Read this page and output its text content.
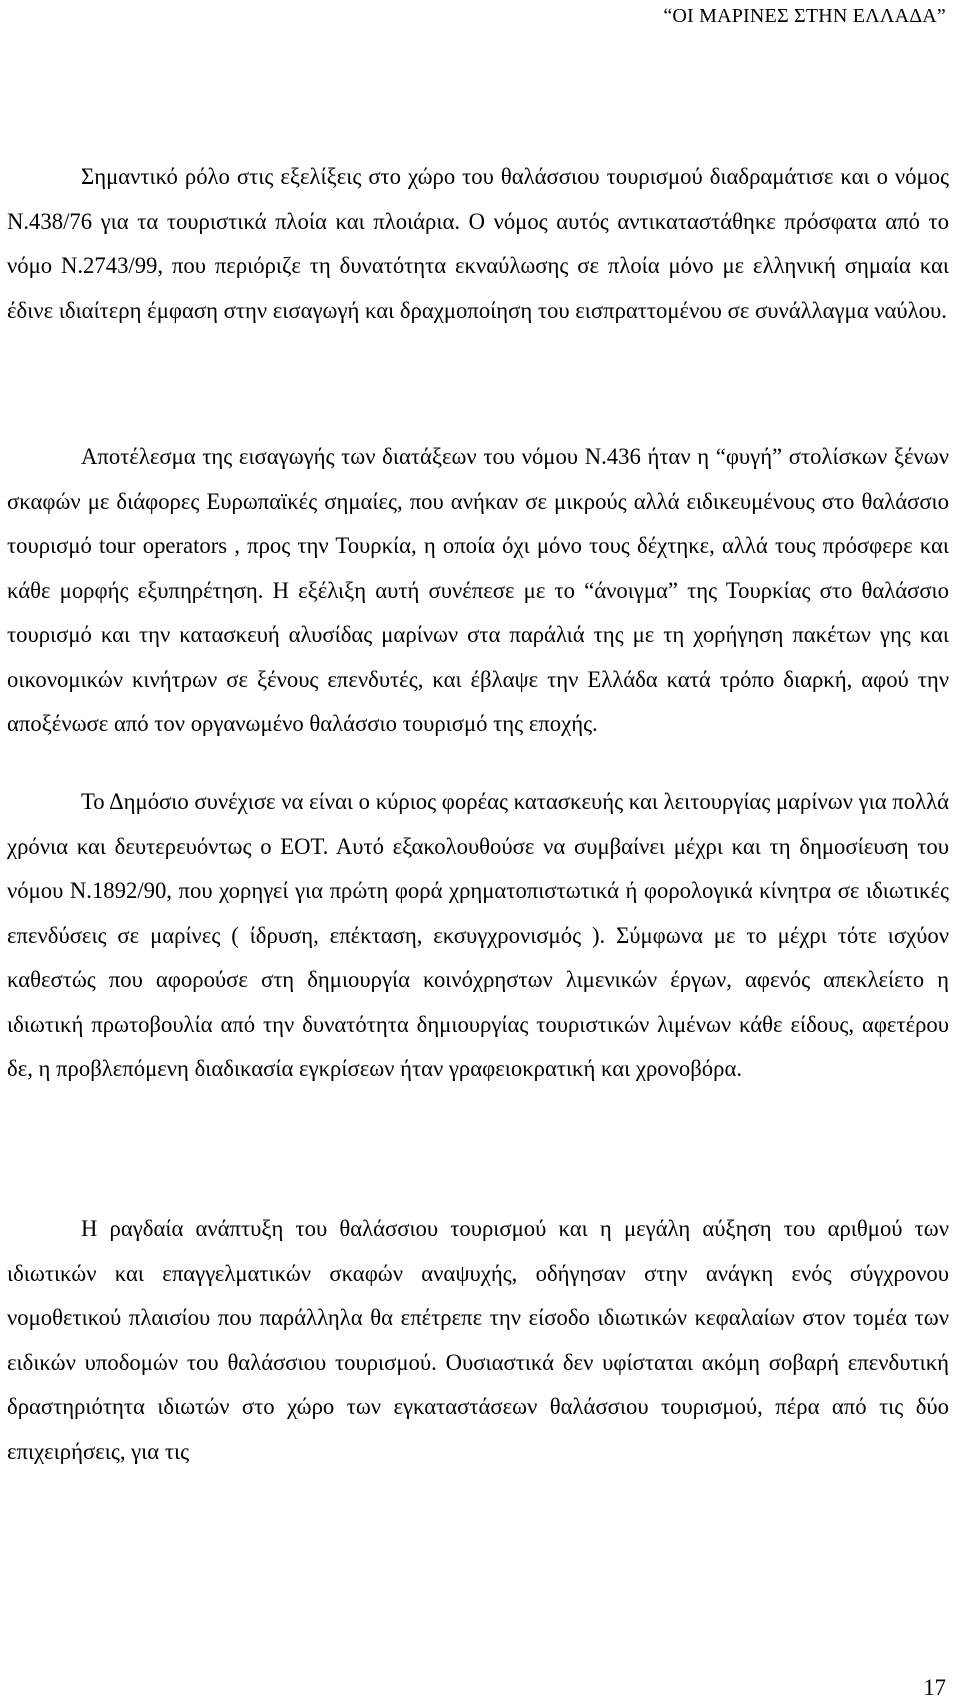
“ΟΙ ΜΑΡΙΝΕΣ ΣΤΗΝ ΕΛΛΑΔΑ”

Σημαντικό ρόλο στις εξελίξεις στο χώρο του θαλάσσιου τουρισμού διαδραμάτισε και ο νόμος Ν.438/76 για τα τουριστικά πλοία και πλοιάρια. Ο νόμος αυτός αντικαταστάθηκε πρόσφατα από το νόμο Ν.2743/99, που περιόριζε τη δυνατότητα εκναύλωσης σε πλοία μόνο με ελληνική σημαία και έδινε ιδιαίτερη έμφαση στην εισαγωγή και δραχμοποίηση του εισπραττομένου σε συνάλλαγμα ναύλου.

Αποτέλεσμα της εισαγωγής των διατάξεων του νόμου Ν.436 ήταν η “φυγή” στολίσκων ξένων σκαφών με διάφορες Ευρωπαϊκές σημαίες, που ανήκαν σε μικρούς αλλά ειδικευμένους στο θαλάσσιο τουρισμό tour operators , προς την Τουρκία, η οποία όχι μόνο τους δέχτηκε, αλλά τους πρόσφερε και κάθε μορφής εξυπηρέτηση. Η εξέλιξη αυτή συνέπεσε με το “άνοιγμα” της Τουρκίας στο θαλάσσιο τουρισμό και την κατασκευή αλυσίδας μαρίνων στα παράλιά της με τη χορήγηση πακέτων γης και οικονομικών κινήτρων σε ξένους επενδυτές, και έβλαψε την Ελλάδα κατά τρόπο διαρκή, αφού την αποξένωσε από τον οργανωμένο θαλάσσιο τουρισμό της εποχής.

Το Δημόσιο συνέχισε να είναι ο κύριος φορέας κατασκευής και λειτουργίας μαρίνων για πολλά χρόνια και δευτερευόντως ο ΕΟΤ. Αυτό εξακολουθούσε να συμβαίνει μέχρι και τη δημοσίευση του νόμου Ν.1892/90, που χορηγεί για πρώτη φορά χρηματοπιστωτικά ή φορολογικά κίνητρα σε ιδιωτικές επενδύσεις σε μαρίνες ( ίδρυση, επέκταση, εκσυγχρονισμός ). Σύμφωνα με το μέχρι τότε ισχύον καθεστώς που αφορούσε στη δημιουργία κοινόχρηστων λιμενικών έργων, αφενός απεκλείετο η ιδιωτική πρωτοβουλία από την δυνατότητα δημιουργίας τουριστικών λιμένων κάθε είδους, αφετέρου δε, η προβλεπόμενη διαδικασία εγκρίσεων ήταν γραφειοκρατική και χρονοβόρα.

Η ραγδαία ανάπτυξη του θαλάσσιου τουρισμού και η μεγάλη αύξηση του αριθμού των ιδιωτικών και επαγγελματικών σκαφών αναψυχής, οδήγησαν στην ανάγκη ενός σύγχρονου νομοθετικού πλαισίου που παράλληλα θα επέτρεπε την είσοδο ιδιωτικών κεφαλαίων στον τομέα των ειδικών υποδομών του θαλάσσιου τουρισμού. Ουσιαστικά δεν υφίσταται ακόμη σοβαρή επενδυτική δραστηριότητα ιδιωτών στο χώρο των εγκαταστάσεων θαλάσσιου τουρισμού, πέρα από τις δύο επιχειρήσεις, για τις

17
